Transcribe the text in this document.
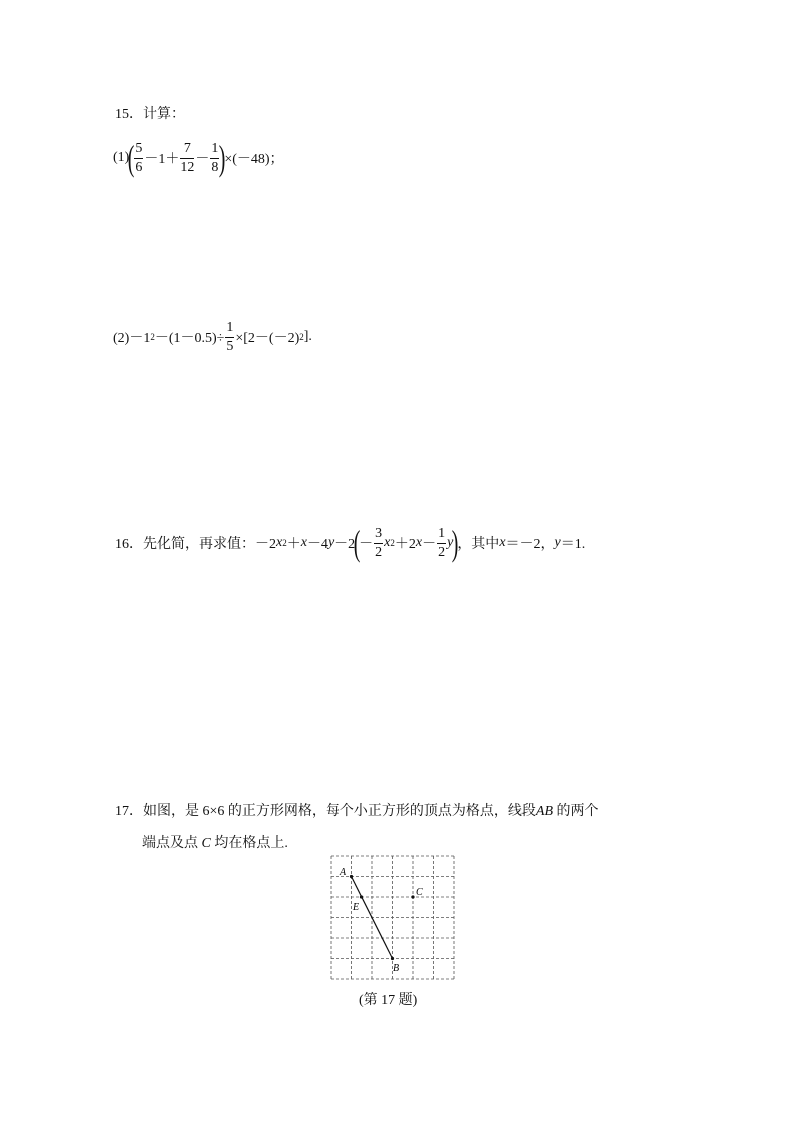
15．计算：
(1)
( $\frac{5}{6} -1+ \frac{7}{12} - \frac{1}{8}$ )
×(－48)；
(2)－1 $2 -(1-0.5)\div \frac{1}{5} \times[2-(-2)$ 2 ].
16．先化简，再求值：－2 x 2 ＋ x －4 y －2
(
－ $\frac{3}{2}$ x 2 ＋2 $x - \frac{1}{2}$ y
)
，其中 x ＝－2， y ＝1.
17．如图，是 6×6 的正方形网格，每个小正方形的顶点为格点，线段AB 的两个
端点及点 C 均在格点上.
A
E
C
B
(第 17 题)
